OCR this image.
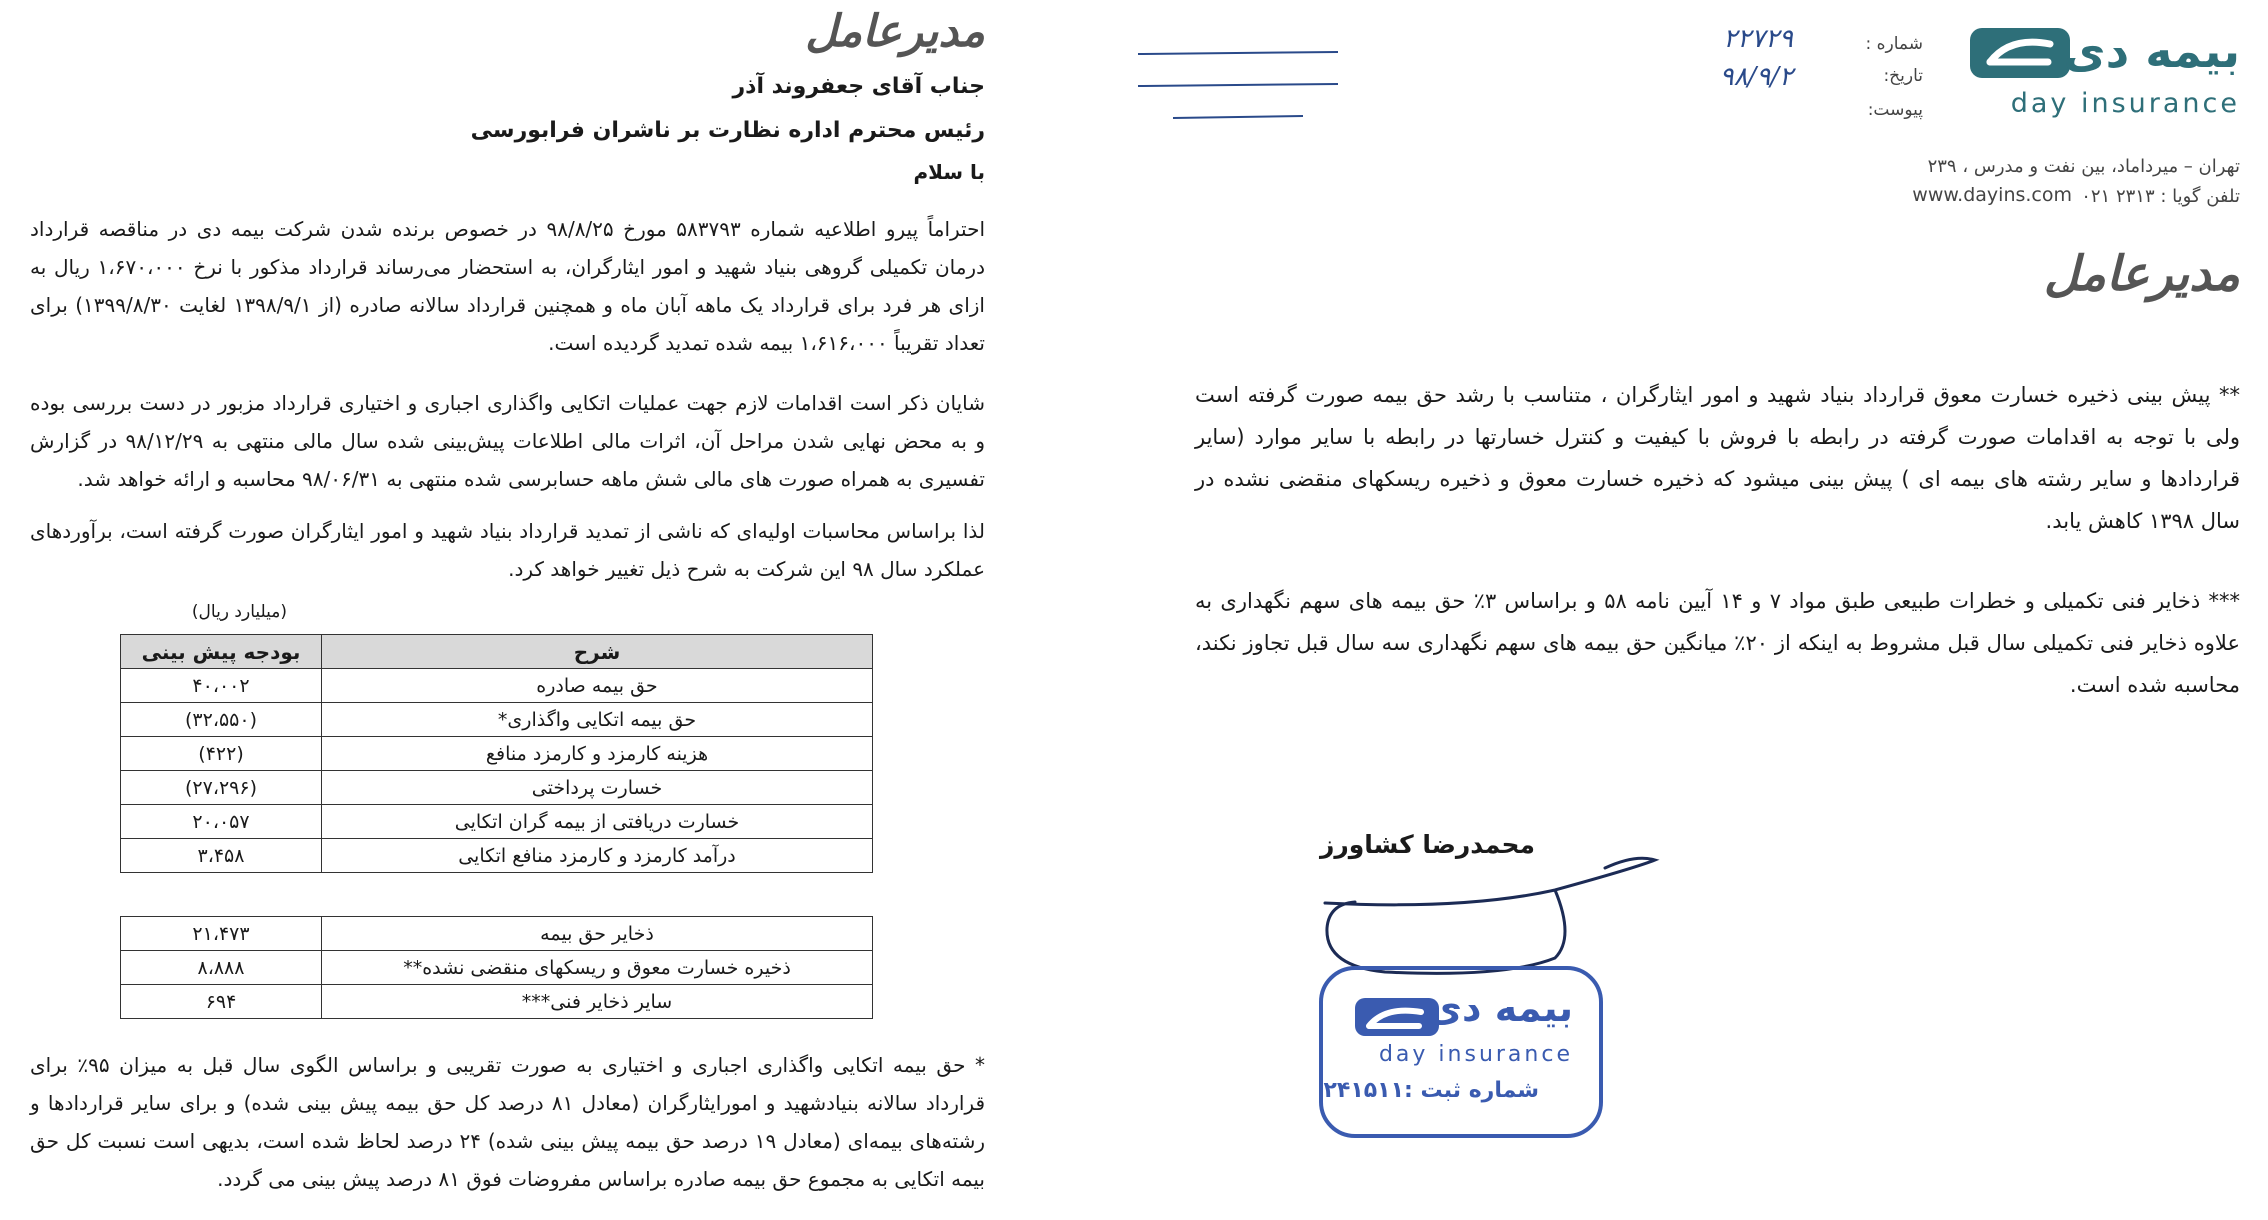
مدیرعامل
جناب آقای جعفروند آذر
رئیس محترم اداره نظارت بر ناشران فرابورسی
با سلام
احتراماً پیرو اطلاعیه شماره ۵۸۳۷۹۳ مورخ ۹۸/۸/۲۵ در خصوص برنده شدن شرکت بیمه دی در مناقصه قرارداد درمان تکمیلی گروهی بنیاد شهید و امور ایثارگران، به استحضار می‌رساند قرارداد مذکور با نرخ ۱،۶۷۰،۰۰۰ ریال به ازای هر فرد برای قرارداد یک ماهه آبان ماه و همچنین قرارداد سالانه صادره (از ۱۳۹۸/۹/۱ لغایت ۱۳۹۹/۸/۳۰) برای تعداد تقریباً ۱،۶۱۶،۰۰۰ بیمه شده تمدید گردیده است.
شایان ذکر است اقدامات لازم جهت عملیات اتکایی واگذاری اجباری و اختیاری قرارداد مزبور در دست بررسی بوده و به محض نهایی شدن مراحل آن، اثرات مالی اطلاعات پیش‌بینی شده سال مالی منتهی به ۹۸/۱۲/۲۹ در گزارش تفسیری به همراه صورت های مالی شش ماهه حسابرسی شده منتهی به ۹۸/۰۶/۳۱ محاسبه و ارائه خواهد شد.
لذا براساس محاسبات اولیه‌ای که ناشی از تمدید قرارداد بنیاد شهید و امور ایثارگران صورت گرفته است، برآوردهای عملکرد سال ۹۸ این شرکت به شرح ذیل تغییر خواهد کرد.
(میلیارد ریال)
شرح	بودجه پیش بینی
حق بیمه صادره	۴۰،۰۰۲
حق بیمه اتکایی واگذاری*	(۳۲،۵۵۰)
هزینه کارمزد و کارمزد منافع	(۴۲۲)
خسارت پرداختی	(۲۷،۲۹۶)
خسارت دریافتی از بیمه گران اتکایی	۲۰،۰۵۷
درآمد کارمزد و کارمزد منافع اتکایی	۳،۴۵۸
ذخایر حق بیمه	۲۱،۴۷۳
ذخیره خسارت معوق و ریسکهای منقضی نشده**	۸،۸۸۸
سایر ذخایر فنی***	۶۹۴
* حق بیمه اتکایی واگذاری اجباری و اختیاری به صورت تقریبی و براساس الگوی سال قبل به میزان ۹۵٪ برای قرارداد سالانه بنیادشهید و امورایثارگران (معادل ۸۱ درصد کل حق بیمه پیش بینی شده) و برای سایر قراردادها و رشته‌های بیمه‌ای (معادل ۱۹ درصد حق بیمه پیش بینی شده) ۲۴ درصد لحاظ شده است، بدیهی است نسبت کل حق بیمه اتکایی به مجموع حق بیمه صادره براساس مفروضات فوق ۸۱ درصد پیش بینی می گردد.
بیمه دی
day insurance
شماره :
۲۲۷۲۹
تاریخ:
۹۸/۹/۲
پیوست:
تهران – میرداماد، بین نفت و مدرس ، ۲۳۹
تلفن گویا : ۲۳۱۳ ۰۲۱
www.dayins.com
مدیرعامل
** پیش بینی ذخیره خسارت معوق قرارداد بنیاد شهید و امور ایثارگران ، متناسب با رشد حق بیمه صورت گرفته است ولی با توجه به اقدامات صورت گرفته در رابطه با فروش با کیفیت و کنترل خسارتها در رابطه با سایر موارد (سایر قراردادها و سایر رشته های بیمه ای ) پیش بینی میشود که ذخیره خسارت معوق و ذخیره ریسکهای منقضی نشده در سال ۱۳۹۸ کاهش یابد.
*** ذخایر فنی تکمیلی و خطرات طبیعی طبق مواد ۷ و ۱۴ آیین نامه ۵۸ و براساس ۳٪ حق بیمه های سهم نگهداری به علاوه ذخایر فنی تکمیلی سال قبل مشروط به اینکه از ۲۰٪ میانگین حق بیمه های سهم نگهداری سه سال قبل تجاوز نکند، محاسبه شده است.
محمدرضا کشاورز
بیمه دی
day insurance
شماره ثبت :۲۴۱۵۱۱
